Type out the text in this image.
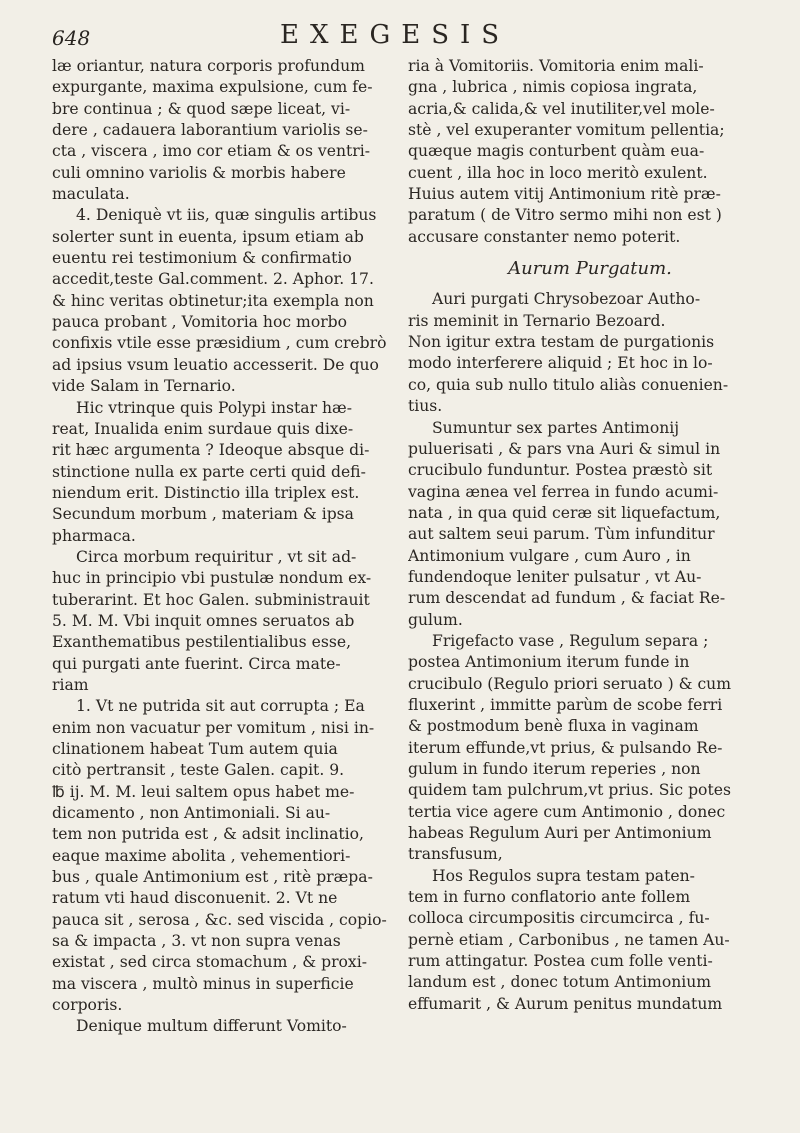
648	EXEGESIS
læ oriantur, natura corporis profundum
expurgante, maxima expulsione, cum fe-
bre continua ; & quod sæpe liceat, vi-
dere , cadauera laborantium variolis se-
cta , viscera , imo cor etiam & os ventri-
culi omnino variolis & morbis habere
maculata.
4. Deniquè vt iis, quæ singulis artibus
solerter sunt in euenta, ipsum etiam ab
euentu rei testimonium & confirmatio
accedit,teste Gal.comment. 2. Aphor. 17.
& hinc veritas obtinetur;ita exempla non
pauca probant , Vomitoria hoc morbo
confixis vtile esse præsidium , cum crebrò
ad ipsius vsum leuatio accesserit. De quo
vide Salam in Ternario.
Hic vtrinque quis Polypi instar hæ-
reat, Inualida enim surdaue quis dixe-
rit hæc argumenta ? Ideoque absque di-
stinctione nulla ex parte certi quid defi-
niendum erit. Distinctio illa triplex est.
Secundum morbum , materiam & ipsa
pharmaca.
Circa morbum requiritur , vt sit ad-
huc in principio vbi pustulæ nondum ex-
tuberarint. Et hoc Galen. subministrauit
5. M. M. Vbi inquit omnes seruatos ab
Exanthematibus pestilentialibus esse,
qui purgati ante fuerint. Circa mate-
riam
1. Vt ne putrida sit aut corrupta ; Ea
enim non vacuatur per vomitum , nisi in-
clinationem habeat Tum autem quia
citò pertransit , teste Galen. capit. 9.
℔ ij. M. M. leui saltem opus habet me-
dicamento , non Antimoniali. Si au-
tem non putrida est , & adsit inclinatio,
eaque maxime abolita , vehementiori-
bus , quale Antimonium est , ritè præpa-
ratum vti haud disconuenit. 2. Vt ne
pauca sit , serosa , &c. sed viscida , copio-
sa & impacta , 3. vt non supra venas
existat , sed circa stomachum , & proxi-
ma viscera , multò minus in superficie
corporis.
Denique multum differunt Vomito-
ria à Vomitoriis. Vomitoria enim mali-
gna , lubrica , nimis copiosa ingrata,
acria,& calida,& vel inutiliter,vel mole-
stè , vel exuperanter vomitum pellentia;
quæque magis conturbent quàm eua-
cuent , illa hoc in loco meritò exulent.
Huius autem vitij Antimonium ritè præ-
paratum ( de Vitro sermo mihi non est )
accusare constanter nemo poterit.
Aurum Purgatum.
Auri purgati Chrysobezoar Autho-
ris meminit in Ternario Bezoard.
Non igitur extra testam de purgationis
modo interferere aliquid ; Et hoc in lo-
co, quia sub nullo titulo aliàs conuenien-
tius.
Sumuntur sex partes Antimonij
puluerisati , & pars vna Auri & simul in
crucibulo funduntur. Postea præstò sit
vagina ænea vel ferrea in fundo acumi-
nata , in qua quid ceræ sit liquefactum,
aut saltem seui parum. Tùm infunditur
Antimonium vulgare , cum Auro , in
fundendoque leniter pulsatur , vt Au-
rum descendat ad fundum , & faciat Re-
gulum.
Frigefacto vase , Regulum separa ;
postea Antimonium iterum funde in
crucibulo (Regulo priori seruato ) & cum
fluxerint , immitte parùm de scobe ferri
& postmodum benè fluxa in vaginam
iterum effunde,vt prius, & pulsando Re-
gulum in fundo iterum reperies , non
quidem tam pulchrum,vt prius. Sic potes
tertia vice agere cum Antimonio , donec
habeas Regulum Auri per Antimonium
transfusum,
Hos Regulos supra testam paten-
tem in furno conflatorio ante follem
colloca circumpositis circumcirca , fu-
pernè etiam , Carbonibus , ne tamen Au-
rum attingatur. Postea cum folle venti-
landum est , donec totum Antimonium
effumarit , & Aurum penitus mundatum
